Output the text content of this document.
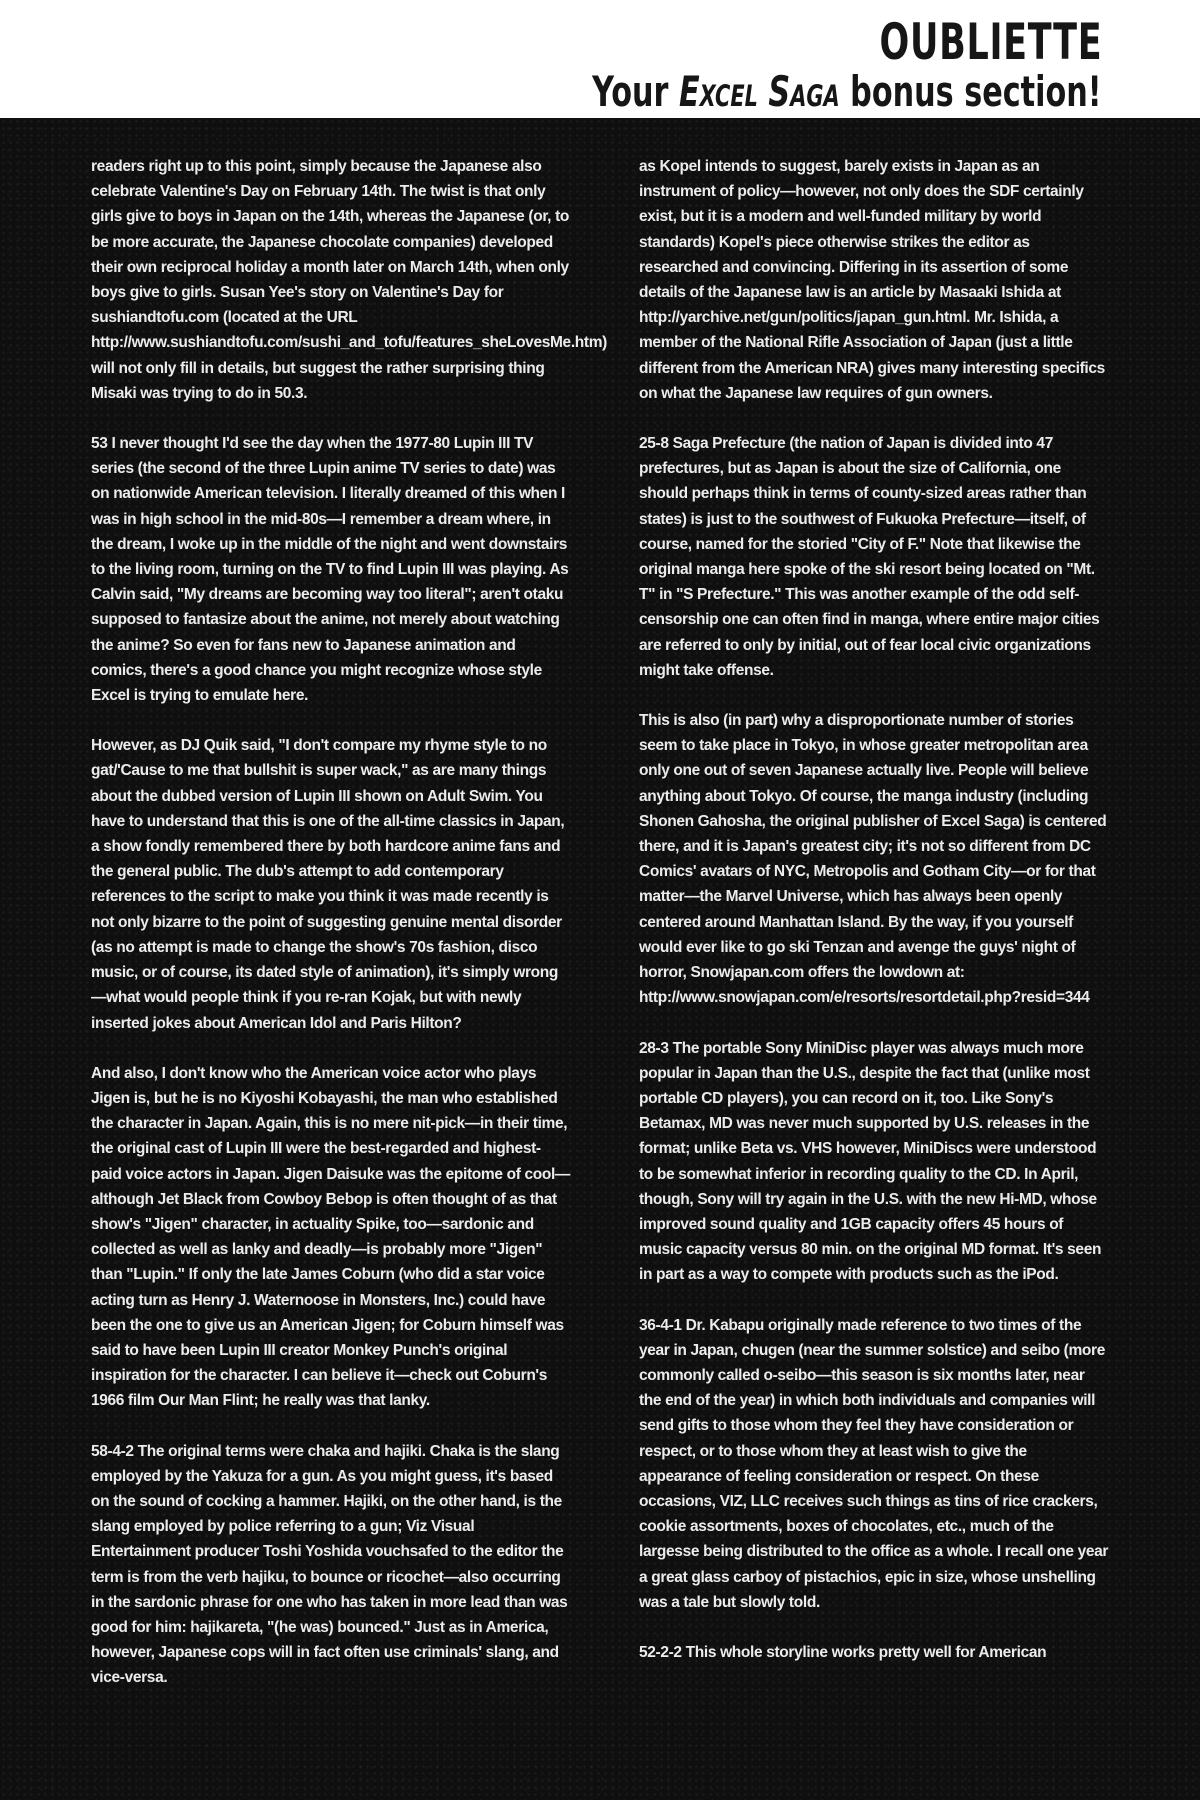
OUBLIETTE
Your Excel Saga bonus section!

readers right up to this point, simply because the Japanese also celebrate Valentine's Day on February 14th. The twist is that only girls give to boys in Japan on the 14th, whereas the Japanese (or, to be more accurate, the Japanese chocolate companies) developed their own reciprocal holiday a month later on March 14th, when only boys give to girls. Susan Yee's story on Valentine's Day for sushiandtofu.com (located at the URL http://www.sushiandtofu.com/sushi_and_tofu/features_sheLovesMe.htm) will not only fill in details, but suggest the rather surprising thing Misaki was trying to do in 50.3.

53 I never thought I'd see the day when the 1977-80 Lupin III TV series (the second of the three Lupin anime TV series to date) was on nationwide American television. I literally dreamed of this when I was in high school in the mid-80s—I remember a dream where, in the dream, I woke up in the middle of the night and went downstairs to the living room, turning on the TV to find Lupin III was playing. As Calvin said, "My dreams are becoming way too literal"; aren't otaku supposed to fantasize about the anime, not merely about watching the anime? So even for fans new to Japanese animation and comics, there's a good chance you might recognize whose style Excel is trying to emulate here.

However, as DJ Quik said, "I don't compare my rhyme style to no gat/'Cause to me that bullshit is super wack," as are many things about the dubbed version of Lupin III shown on Adult Swim. You have to understand that this is one of the all-time classics in Japan, a show fondly remembered there by both hardcore anime fans and the general public. The dub's attempt to add contemporary references to the script to make you think it was made recently is not only bizarre to the point of suggesting genuine mental disorder (as no attempt is made to change the show's 70s fashion, disco music, or of course, its dated style of animation), it's simply wrong—what would people think if you re-ran Kojak, but with newly inserted jokes about American Idol and Paris Hilton?

And also, I don't know who the American voice actor who plays Jigen is, but he is no Kiyoshi Kobayashi, the man who established the character in Japan. Again, this is no mere nit-pick—in their time, the original cast of Lupin III were the best-regarded and highest-paid voice actors in Japan. Jigen Daisuke was the epitome of cool—although Jet Black from Cowboy Bebop is often thought of as that show's "Jigen" character, in actuality Spike, too—sardonic and collected as well as lanky and deadly—is probably more "Jigen" than "Lupin." If only the late James Coburn (who did a star voice acting turn as Henry J. Waternoose in Monsters, Inc.) could have been the one to give us an American Jigen; for Coburn himself was said to have been Lupin III creator Monkey Punch's original inspiration for the character. I can believe it—check out Coburn's 1966 film Our Man Flint; he really was that lanky.

58-4-2 The original terms were chaka and hajiki. Chaka is the slang employed by the Yakuza for a gun. As you might guess, it's based on the sound of cocking a hammer. Hajiki, on the other hand, is the slang employed by police referring to a gun; Viz Visual Entertainment producer Toshi Yoshida vouchsafed to the editor the term is from the verb hajiku, to bounce or ricochet—also occurring in the sardonic phrase for one who has taken in more lead than was good for him: hajikareta, "(he was) bounced." Just as in America, however, Japanese cops will in fact often use criminals' slang, and vice-versa.

as Kopel intends to suggest, barely exists in Japan as an instrument of policy—however, not only does the SDF certainly exist, but it is a modern and well-funded military by world standards) Kopel's piece otherwise strikes the editor as researched and convincing. Differing in its assertion of some details of the Japanese law is an article by Masaaki Ishida at http://yarchive.net/gun/politics/japan_gun.html. Mr. Ishida, a member of the National Rifle Association of Japan (just a little different from the American NRA) gives many interesting specifics on what the Japanese law requires of gun owners.

25-8 Saga Prefecture (the nation of Japan is divided into 47 prefectures, but as Japan is about the size of California, one should perhaps think in terms of county-sized areas rather than states) is just to the southwest of Fukuoka Prefecture—itself, of course, named for the storied "City of F." Note that likewise the original manga here spoke of the ski resort being located on "Mt. T" in "S Prefecture." This was another example of the odd self-censorship one can often find in manga, where entire major cities are referred to only by initial, out of fear local civic organizations might take offense.

This is also (in part) why a disproportionate number of stories seem to take place in Tokyo, in whose greater metropolitan area only one out of seven Japanese actually live. People will believe anything about Tokyo. Of course, the manga industry (including Shonen Gahosha, the original publisher of Excel Saga) is centered there, and it is Japan's greatest city; it's not so different from DC Comics' avatars of NYC, Metropolis and Gotham City—or for that matter—the Marvel Universe, which has always been openly centered around Manhattan Island. By the way, if you yourself would ever like to go ski Tenzan and avenge the guys' night of horror, Snowjapan.com offers the lowdown at: http://www.snowjapan.com/e/resorts/resortdetail.php?resid=344

28-3 The portable Sony MiniDisc player was always much more popular in Japan than the U.S., despite the fact that (unlike most portable CD players), you can record on it, too. Like Sony's Betamax, MD was never much supported by U.S. releases in the format; unlike Beta vs. VHS however, MiniDiscs were understood to be somewhat inferior in recording quality to the CD. In April, though, Sony will try again in the U.S. with the new Hi-MD, whose improved sound quality and 1GB capacity offers 45 hours of music capacity versus 80 min. on the original MD format. It's seen in part as a way to compete with products such as the iPod.

36-4-1 Dr. Kabapu originally made reference to two times of the year in Japan, chugen (near the summer solstice) and seibo (more commonly called o-seibo—this season is six months later, near the end of the year) in which both individuals and companies will send gifts to those whom they feel they have consideration or respect, or to those whom they at least wish to give the appearance of feeling consideration or respect. On these occasions, VIZ, LLC receives such things as tins of rice crackers, cookie assortments, boxes of chocolates, etc., much of the largesse being distributed to the office as a whole. I recall one year a great glass carboy of pistachios, epic in size, whose unshelling was a tale but slowly told.

52-2-2 This whole storyline works pretty well for American
